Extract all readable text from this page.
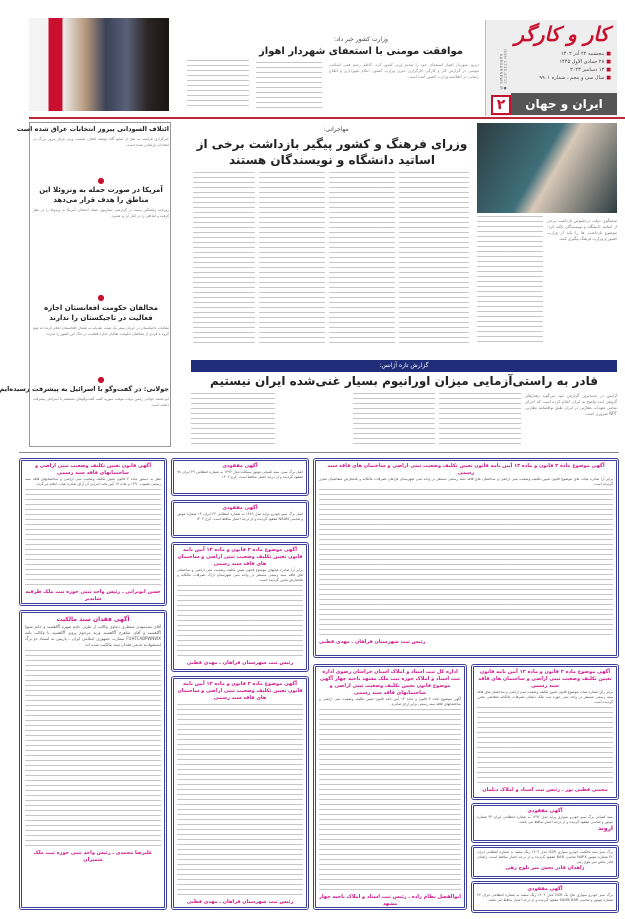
کار و کارگر
■پنجشنبه ۲۲ آذر ۱۴۰۲
■۲۸ جمادی الاول ۱۴۴۵
■۱۳ دسامبر ۲۰۲۳
■سال سی و پنجم ـ شماره ۹۹۰۱
ISSN 1735-6717 ● KARGARNEWS.IR
ایران و جهان
۲
وزارت کشور خبر داد:
موافقت مومنی با استعفای شهردار اهواز
دیروز شهردار اهواز استعفای خود را تقدیم وزیر کشور کرد. کاظم رحیم قمی اسکندر مومنی در گزارش کار و کارگر، کارگزاری خبری وزارت کشور، اعلام شهرداری و اطلاع رسانی در اطلاعیه وزارت کشور آمده است.
مهاجرانی:
وزرای فرهنگ و کشور پیگیر بازداشت برخی از اساتید دانشگاه و نویسندگان هستند
سخنگوی دولت درخصوص بازداشت برخی از اساتید دانشگاه و نویسندگان تاکید کرد: موضوع بازداشت ها را باید از وزارت کشور و وزارت فرهنگ پیگیری کنید.
ائتلاف السودانی پیروز انتخابات عراق شده است
خبرگزاری فرانسه به نقل از منابع آگاه نوشته ائتلاف نخست وزیر عراق پیروز بزرگ در انتخابات پارلمانی شده است.
●
آمریکا در صورت حمله به ونزوئلا این مناطق را هدف قرار می‌دهد
روزنامه واشنگتن پست در گزارشی سناریوی حمله احتمالی آمریکا به ونزوئلا را در نظر گرفت و اهدافی را در کنار آن بر شمرد.
●
مخالفان حکومت افغانستان اجازه فعالیت در تاجیکستان را ندارند
مقامات تاجیکستان در جریان سفر یک هیئت بلندپایه به شمال افغانستان اعلام کرده اند هیچ گروه یا فردی از مخالفان حکومت طالبان اجازه فعالیت در خاک این کشور را ندارند.
●
جولانی: در گفت‌وگو با اسرائیل به پیشرفت رسیده‌ایم
ابو محمد جولانی رئیس دولت موقت سوریه گفت گفت‌وگوهای مستقیم با اسرائیل پیشرفت داشته است.
گزارش تازه آژانس:
قادر به راستی‌آزمایی میزان اورانیوم بسیار غنی‌شده ایران نیستیم
آژانس در جدیدترین گزارش خود می‌گوید رفتارهای گروهی ایده واضح به ایران اعلام کرده است که اجرای تمامی تعهدات نظارتی در ایران طبق توافقنامه نظارتی NPT ضروری است.
آگهی موضوع ماده ۳ قانون و ماده ۱۳ آیین نامه قانون تعیین تکلیف وضعیت ثبتی اراضی و ساختمان های فاقد سند رسمی
برابر آرا صادره هیات های موضوع قانون تعیین تکلیف وضعیت ثبتی اراضی و ساختمان های فاقد سند رسمی مستقر در واحد ثبتی شهرستان فراهان تصرفات مالکانه و بلامعارض متقاضیان محرز گردیده است.
رئیس ثبت شهرستان فراهان ـ مهدی قطبی
آگهی مفقودی
اصل برگ سبز، سند کمپانی موتور سیکلت مدل ۱۳۹۲ به شماره انتظامی ۳۹ ایران ۹۸ مفقود گردیده و از درجه اعتبار ساقط است. کرج ۱۴۰۲
آگهی مفقودی
اصل برگ سبز خودرو پراید مدل ۱۳۸۹ به شماره انتظامی ۲۳ ایران ۱۳ شماره موتور و شاسی NAAN مفقود گردیده و از درجه اعتبار ساقط است. کرج ۱۴۰۲
آگهی موضوع ماده ۳ قانون و ماده ۱۳ آیین نامه قانون تعیین تکلیف وضعیت ثبتی اراضی و ساختمان های فاقد سند رسمی
برابر آرا صادره هیاتهای موضوع قانون تعیین تکلیف وضعیت ثبتی اراضی و ساختمان های فاقد سند رسمی مستقر در واحد ثبتی شهرستان اراک تصرفات مالکانه و بلامعارض محرز گردیده است.
رئیس ثبت شهرستان فراهان ـ مهدی قطبی
آگهی قانون تعیین تکلیف وضعیت ثبتی اراضی و ساختمانهای فاقد سند رسمی
نظر به دستور ماده ۳ قانون تعیین تکلیف وضعیت ثبتی اراضی و ساختمانهای فاقد سند رسمی مصوب ۱۳۹۰ و ماده ۱۳ آیین نامه اجرایی آن آرای صادره هیات اعلام می‌گردد.
حسن ابوترابی ـ رئیس واحد ثبتی حوزه ثبت ملک طرقبه شاندیز
آگهی فقدان سند مالکیت
آقای سیدمهدی منتظری دعاوی وکالت از طرف خانم شهره آگاهسید و خانم شیوا آگاهسید و آقای شاهرخ آگاهسید ورثه مرحوم پرویز آگاهسید با وکالت نامه FUHTCABPWNWX سفارت جمهوری اسلامی ایران ـ پاریس به استناد دو برگ استشهادیه مدعی فقدان سند مالکیت شده اند.
علیرضا محمدی ـ رئیس واحد ثبتی حوزه ثبت ملک شمیران
آگهی موضوع ماده ۳ قانون و ماده ۱۳ آیین نامه قانون تعیین تکلیف وضعیت ثبتی اراضی و ساختمان های فاقد سند رسمی
رئیس ثبت شهرستان فراهان ـ مهدی قطبی
آگهی موضوع ماده ۳ قانون و ماده ۱۳ آیین نامه قانون تعیین تکلیف وضعیت ثبتی اراضی و ساختمان های فاقد سند رسمی
برابر رای شماره هیات موضوع قانون تعیین تکلیف وضعیت ثبتی اراضی و ساختمان های فاقد سند رسمی مستقر در واحد ثبتی حوزه ثبت ملک دیلمان تصرفات مالکانه متقاضی محرز گردیده است.
مجتبی قطبی پور ـ رئیس ثبت اسناد و املاک دیلمان
اداره کل ثبت اسناد و املاک استان خراسان رضوی اداره ثبت اسناد و املاک حوزه ثبت ملک مشهد ناحیه چهار آگهی موضوع قانون تعیین تکلیف وضعیت ثبتی اراضی و ساختمانهای فاقد سند رسمی
آگهی موضوع ماده ۳ قانون و ماده ۱۳ آیین نامه قانون تعیین تکلیف وضعیت ثبتی اراضی و ساختمانهای فاقد سند رسمی برابر آرای صادره.
ابوالفضل نظام زاده ـ رئیس ثبت اسناد و املاک ناحیه چهار مشهد
آگهی مفقودی
سند کمپانی برگ سبز خودرو سواری پراید مدل ۱۳۹۲ به شماره انتظامی ایران ۳۳ شماره موتور و شاسی مفقود گردیده و از درجه اعتبار ساقط می باشد.
اروند
برگ سبز سند مالکیت خودرو سواری GSR مدل ۱۴۰۲ رنگ سفید به شماره انتظامی ایران ۴۶ شماره موتور NAPX شاسی BAR مفقود گردیده و از درجه اعتبار ساقط است. زاهدان قادر بخش میر بلوچ زهی
زاهدان قادر بخش میر بلوچ زهی
آگهی مفقودی
برگ سبز خودرو سواری هاچ بک GSR مدل ۱۴۰۲ رنگ سفید به شماره انتظامی ایران ۳۷ شماره موتور و شاسی SAIPA BAR مفقود گردیده و از درجه اعتبار ساقط می باشد.
